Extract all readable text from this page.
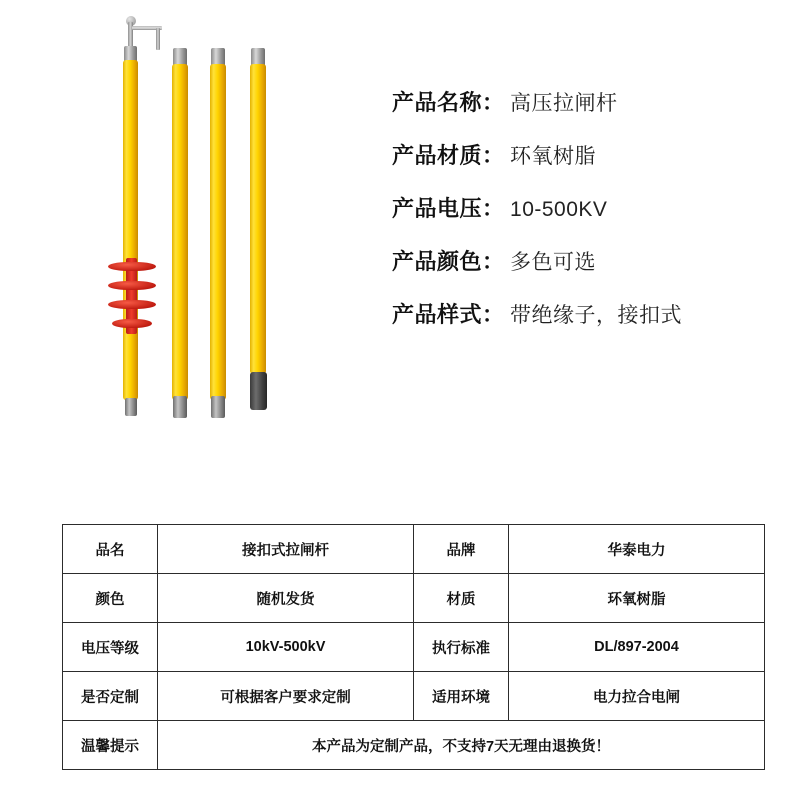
产品名称 ： 高压拉闸杆
产品材质 ： 环氧树脂
产品电压 ： 10-500KV
产品颜色 ： 多色可选
产品样式 ： 带绝缘子，接扣式
品名	接扣式拉闸杆	品牌	华泰电力
颜色	随机发货	材质	环氧树脂
电压等级	10kV-500kV	执行标准	DL/897-2004
是否定制	可根据客户要求定制	适用环境	电力拉合电闸
温馨提示	本产品为定制产品，不支持7天无理由退换货！		
